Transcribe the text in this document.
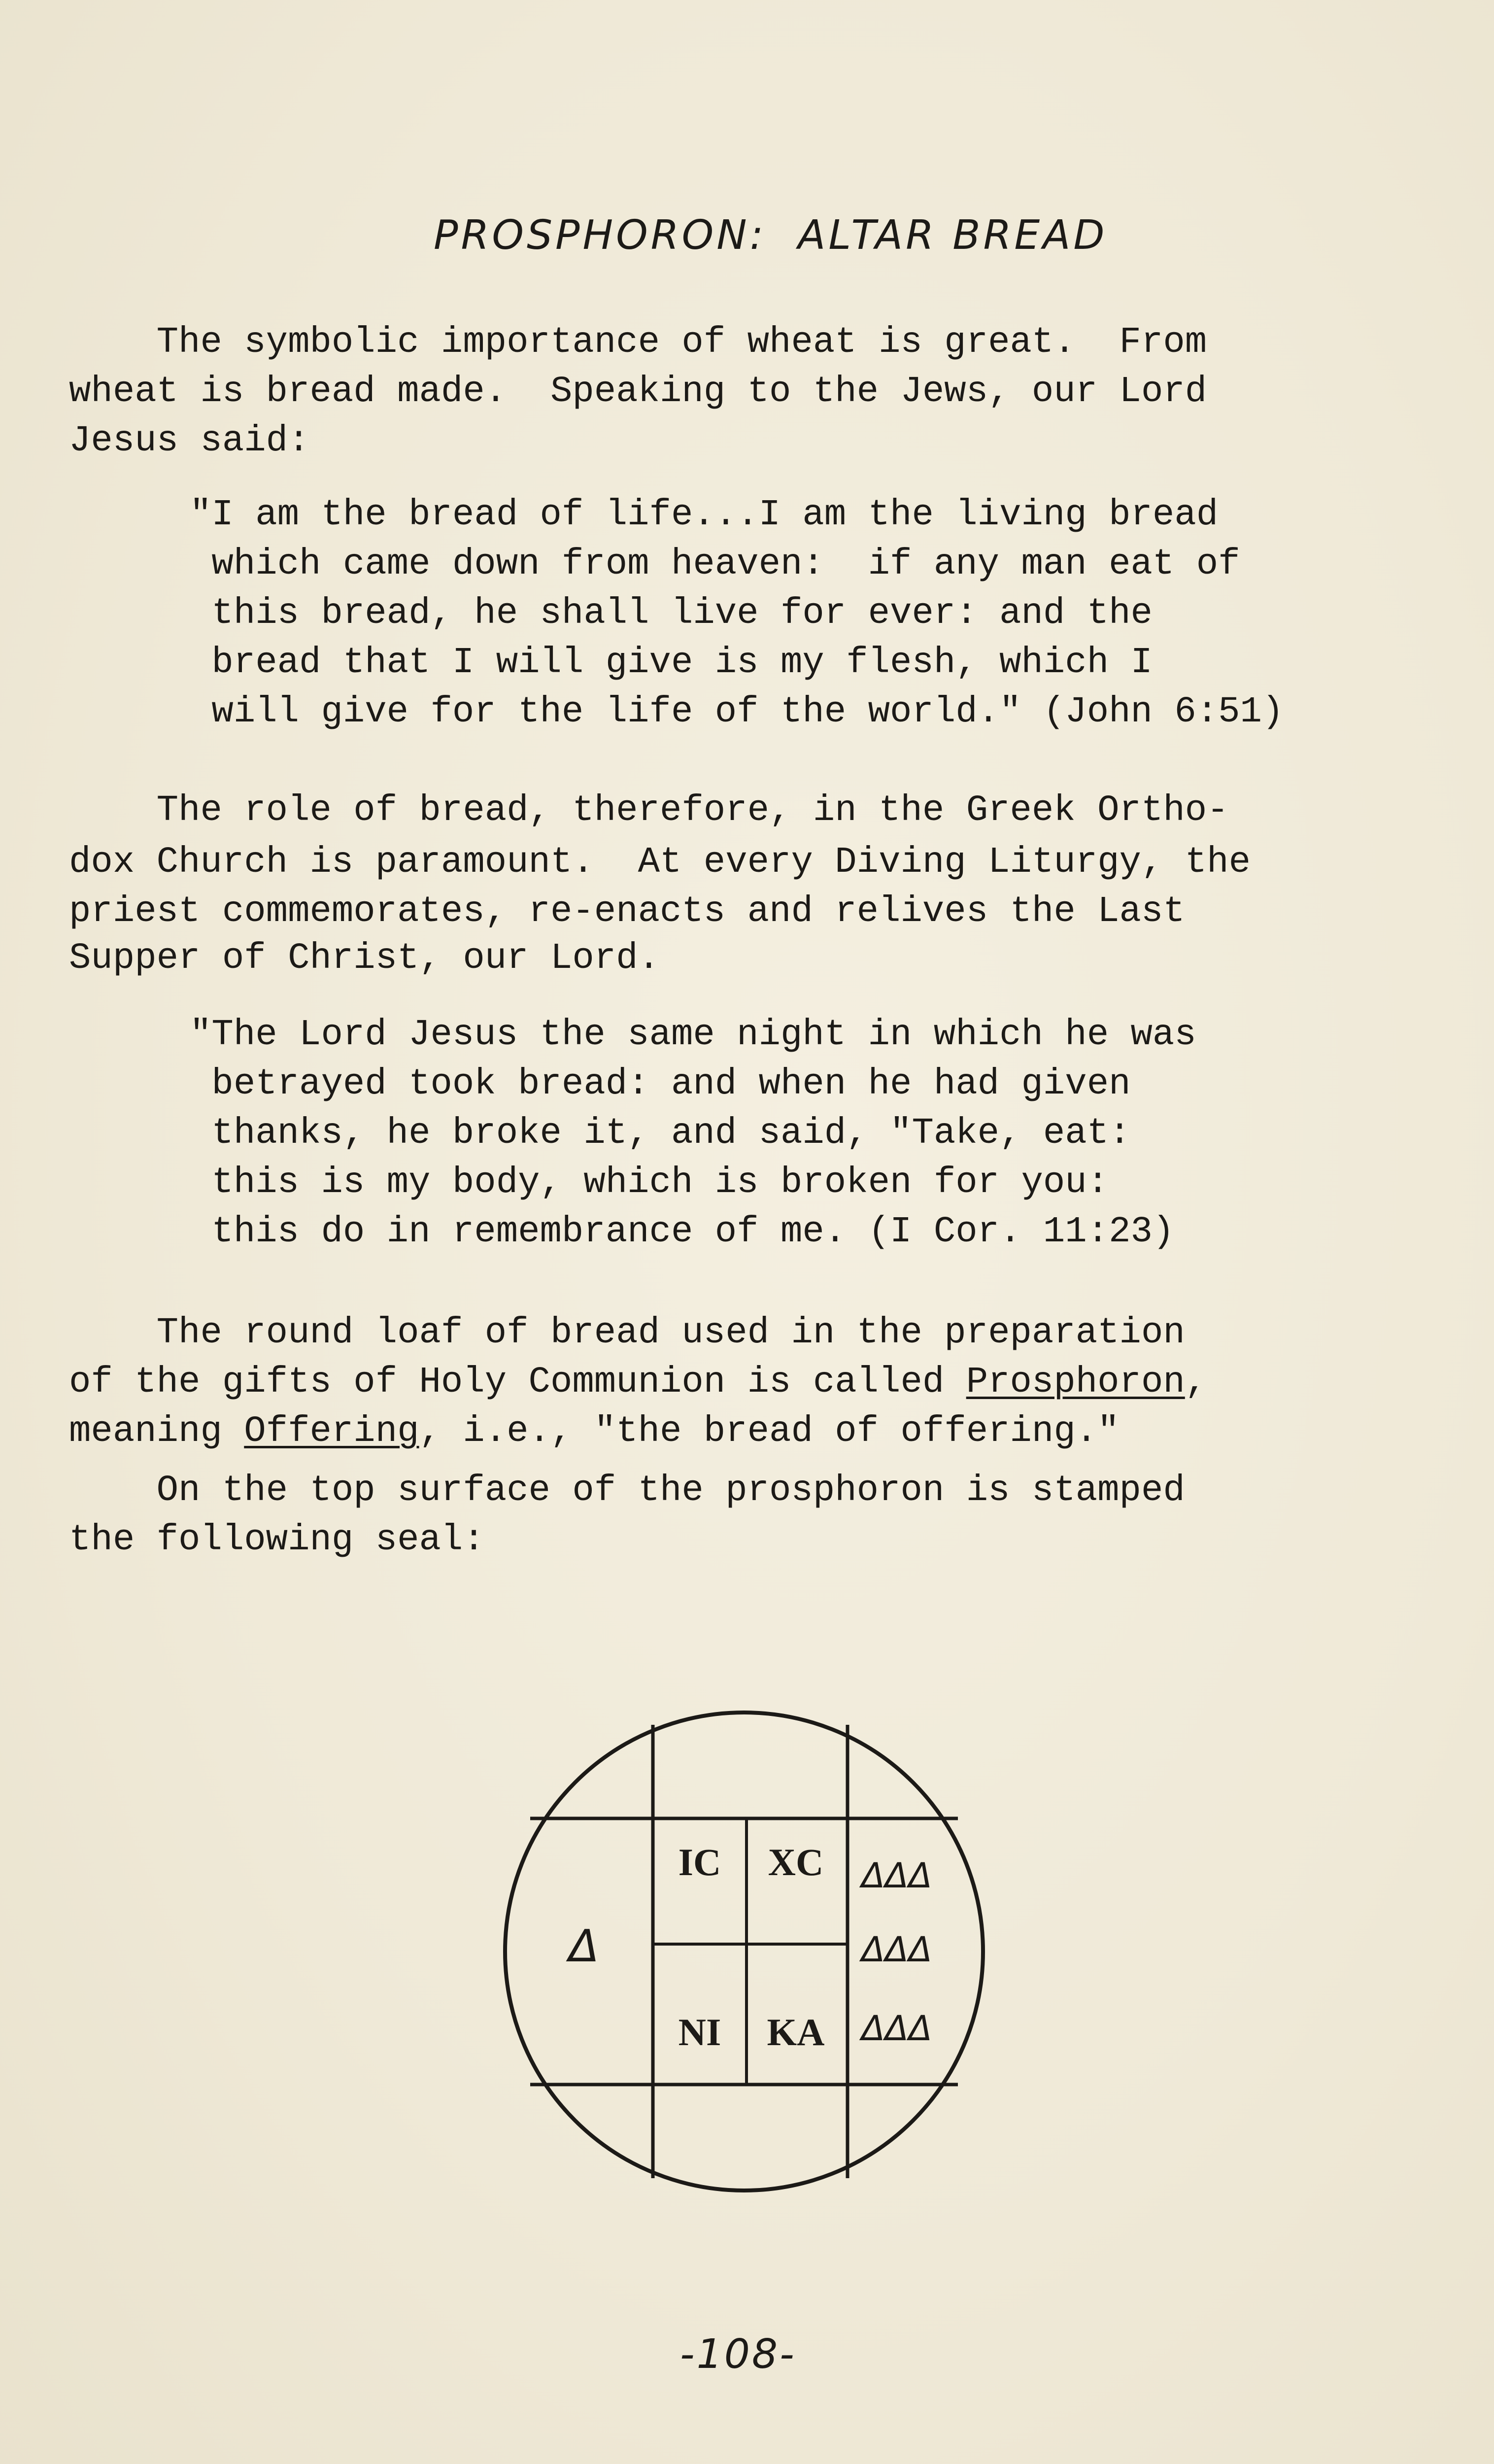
PROSPHORON:  ALTAR BREAD
The symbolic importance of wheat is great.  From
wheat is bread made.  Speaking to the Jews, our Lord
Jesus said:
"I am the bread of life...I am the living bread
which came down from heaven:  if any man eat of
this bread, he shall live for ever: and the
bread that I will give is my flesh, which I
will give for the life of the world." (John 6:51)
The role of bread, therefore, in the Greek Ortho-
dox Church is paramount.  At every Diving Liturgy, the
priest commemorates, re-enacts and relives the Last
Supper of Christ, our Lord.
"The Lord Jesus the same night in which he was
betrayed took bread: and when he had given
thanks, he broke it, and said, "Take, eat:
this is my body, which is broken for you:
this do in remembrance of me. (I Cor. 11:23)
The round loaf of bread used in the preparation
of the gifts of Holy Communion is called Prosphoron,
meaning Offering, i.e., "the bread of offering."
On the top surface of the prosphoron is stamped
the following seal:
IC XC
NI KA
Δ
ΔΔΔ
ΔΔΔ
ΔΔΔ
-108-
